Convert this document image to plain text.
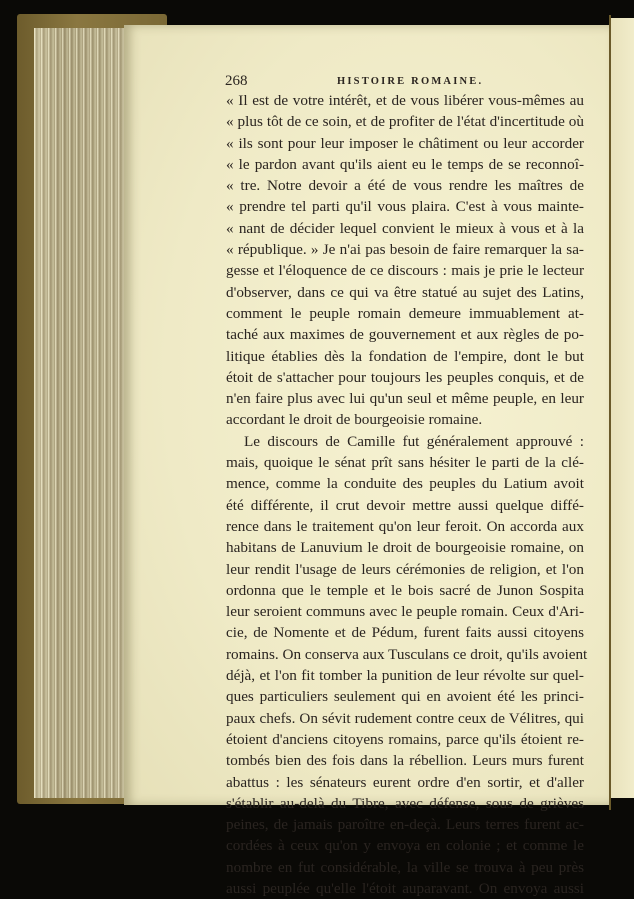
268	HISTOIRE ROMAINE.
« Il est de votre intérêt, et de vous libérer vous-mêmes au
« plus tôt de ce soin, et de profiter de l'état d'incertitude où
« ils sont pour leur imposer le châtiment ou leur accorder
« le pardon avant qu'ils aient eu le temps de se reconnoî-
« tre. Notre devoir a été de vous rendre les maîtres de
« prendre tel parti qu'il vous plaira. C'est à vous mainte-
« nant de décider lequel convient le mieux à vous et à la
« république. » Je n'ai pas besoin de faire remarquer la sa-
gesse et l'éloquence de ce discours : mais je prie le lecteur
d'observer, dans ce qui va être statué au sujet des Latins,
comment le peuple romain demeure immuablement at-
taché aux maximes de gouvernement et aux règles de po-
litique établies dès la fondation de l'empire, dont le but
étoit de s'attacher pour toujours les peuples conquis, et de
n'en faire plus avec lui qu'un seul et même peuple, en leur
accordant le droit de bourgeoisie romaine.
Le discours de Camille fut généralement approuvé :
mais, quoique le sénat prît sans hésiter le parti de la clé-
mence, comme la conduite des peuples du Latium avoit
été différente, il crut devoir mettre aussi quelque diffé-
rence dans le traitement qu'on leur feroit. On accorda aux
habitans de Lanuvium le droit de bourgeoisie romaine, on
leur rendit l'usage de leurs cérémonies de religion, et l'on
ordonna que le temple et le bois sacré de Junon Sospita
leur seroient communs avec le peuple romain. Ceux d'Ari-
cie, de Nomente et de Pédum, furent faits aussi citoyens
romains. On conserva aux Tusculans ce droit, qu'ils avoient
déjà, et l'on fit tomber la punition de leur révolte sur quel-
ques particuliers seulement qui en avoient été les princi-
paux chefs. On sévit rudement contre ceux de Vélitres, qui
étoient d'anciens citoyens romains, parce qu'ils étoient re-
tombés bien des fois dans la rébellion. Leurs murs furent
abattus : les sénateurs eurent ordre d'en sortir, et d'aller
s'établir au-delà du Tibre, avec défense, sous de grièves
peines, de jamais paroître en-deçà. Leurs terres furent ac-
cordées à ceux qu'on y envoya en colonie ; et comme le
nombre en fut considérable, la ville se trouva à peu près
aussi peuplée qu'elle l'étoit auparavant. On envoya aussi
